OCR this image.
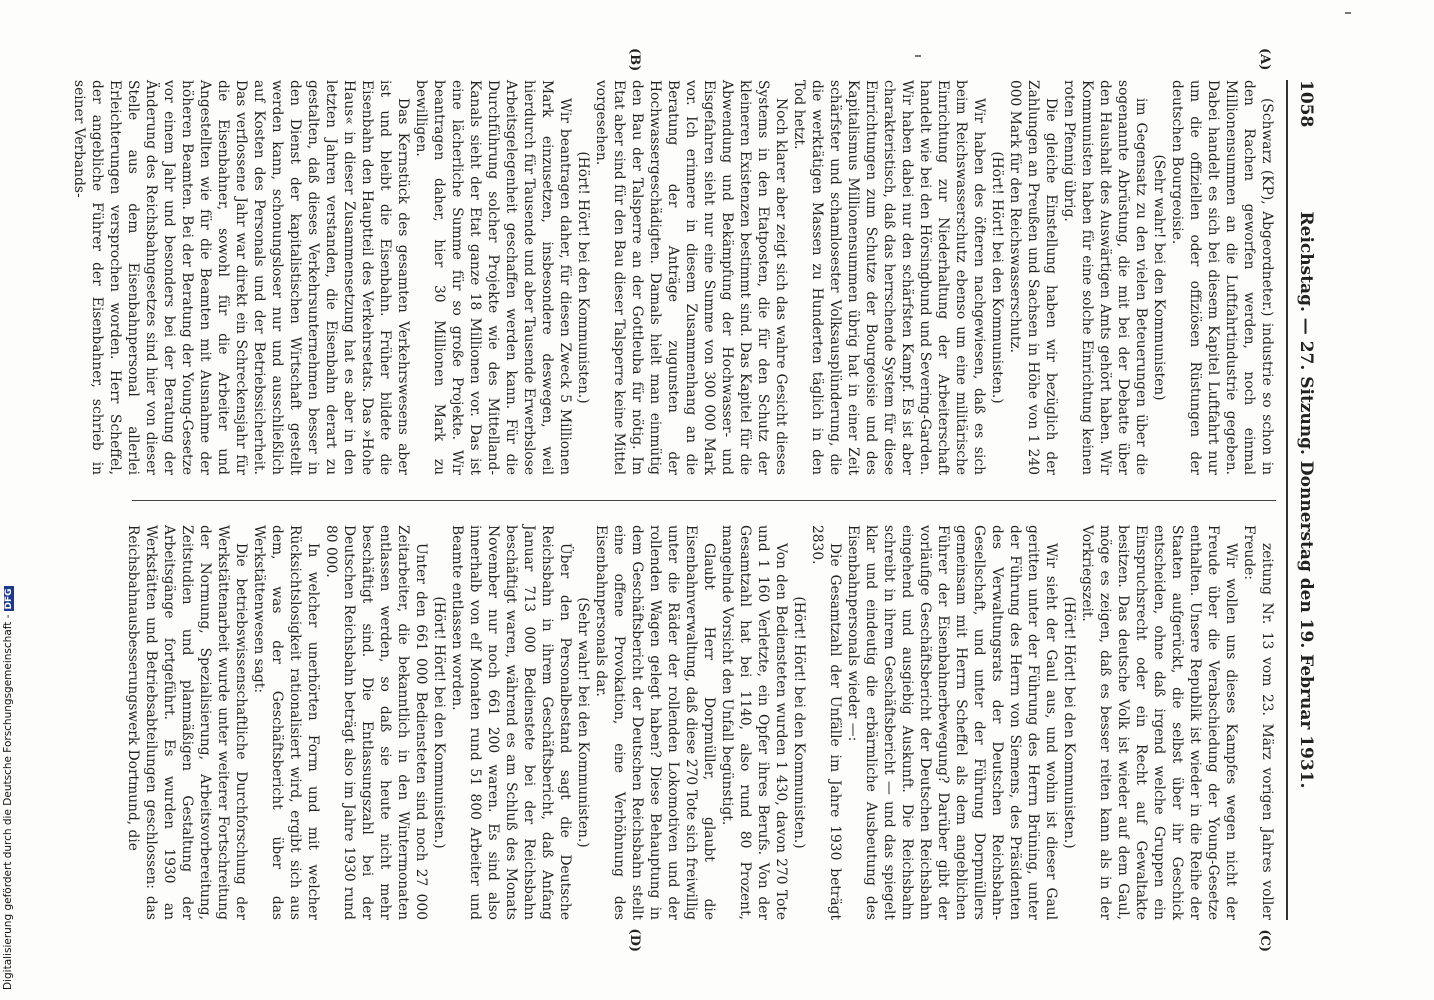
1058
Reichstag. — 27. Sitzung. Donnerstag den 19. Februar 1931.
(A)
(B)
(C)
(D)

(Schwarz (KP), Abgeordneter.) industrie so schon in den Rachen geworfen werden, noch einmal Millionensummen an die Luftfahrtindustrie gegeben. Dabei handelt es sich bei diesem Kapitel Luftfahrt nur um die offiziellen oder offiziösen Rüstungen der deutschen Bourgeoisie.

(Sehr wahr! bei den Kommunisten)

im Gegensatz zu den vielen Beteuerungen über die sogenannte Abrüstung, die mit bei der Debatte über den Haushalt des Auswärtigen Amts gehört haben. Wir Kommunisten haben für eine solche Einrichtung keinen roten Pfennig übrig.

Die gleiche Einstellung haben wir bezüglich der Zahlungen an Preußen und Sachsen in Höhe von 1 240 000 Mark für den Reichswasserschutz.

(Hört! Hört! bei den Kommunisten.)

Wir haben des öfteren nachgewiesen, daß es sich beim Reichswasserschutz ebenso um eine militärische Einrichtung zur Niederhaltung der Arbeiterschaft handelt wie bei den Hörsingbund und Severing-Garden. Wir haben dabei nur den schärfsten Kampf. Es ist aber charakteristisch, daß das herrschende System für diese Einrichtungen zum Schutze der Bourgeoisie und des Kapitalismus Millionensummen übrig hat in einer Zeit schärfster und schamlosester Volksausplünderung, die die werktätigen Massen zu Hunderten täglich in den Tod hetzt.

Noch klarer aber zeigt sich das wahre Gesicht dieses Systems in den Etatposten, die für den Schutz der kleineren Existenzen bestimmt sind. Das Kapitel für die Abwendung und Bekämpfung der Hochwasser- und Eisgefahren sieht nur eine Summe von 300 000 Mark vor. Ich erinnere in diesem Zusammenhang an die Beratung der Anträge zugunsten der Hochwassergeschädigten. Damals hielt man einmütig den Bau der Talsperre an der Gottleuba für nötig. Im Etat aber sind für den Bau dieser Talsperre keine Mittel vorgesehen.

(Hört! Hört! bei den Kommunisten.)

Wir beantragen daher, für diesen Zweck 5 Millionen Mark einzusetzen, insbesondere deswegen, weil hierdurch für Tausende und aber Tausende Erwerbslose Arbeitsgelegenheit geschaffen werden kann. Für die Durchführung solcher Projekte wie des Mittelland-Kanals sieht der Etat ganze 18 Millionen vor. Das ist eine lächerliche Summe für so große Projekte. Wir beantragen daher, hier 30 Millionen Mark zu bewilligen.

Das Kernstück des gesamten Verkehrswesens aber ist und bleibt die Eisenbahn. Früher bildete die Eisenbahn den Hauptteil des Verkehrsetats. Das »Hohe Haus« in dieser Zusammensetzung hat es aber in den letzten Jahren verstanden, die Eisenbahn derart zu gestalten, daß dieses Verkehrsunternehmen besser in den Dienst der kapitalistischen Wirtschaft gestellt werden kann, schonungsloser nur und ausschließlich auf Kosten des Personals und der Betriebssicherheit. Das verflossene Jahr war direkt ein Schreckensjahr für die Eisenbahner, sowohl für die Arbeiter und Angestellten wie für die Beamten mit Ausnahme der höheren Beamten. Bei der Beratung der Young-Gesetze vor einem Jahr und besonders bei der Beratung der Änderung des Reichsbahngesetzes sind hier von dieser Stelle aus dem Eisenbahnpersonal allerlei Erleichterungen versprochen worden. Herr Scheffel, der angebliche Führer der Eisenbahner, schrieb in seiner Verbands-

zeitung Nr. 13 vom 23. März vorigen Jahres voller Freude:

Wir wollen uns dieses Kampfes wegen nicht der Freude über die Verabschiedung der Young-Gesetze enthalten. Unsere Republik ist wieder in die Reihe der Staaten aufgerückt, die selbst über ihr Geschick entscheiden, ohne daß irgend welche Gruppen ein Einspruchsrecht oder ein Recht auf Gewaltakte besitzen. Das deutsche Volk ist wieder auf dem Gaul, möge es zeigen, daß es besser reiten kann als in der Vorkriegszeit.

(Hört! Hört! bei den Kommunisten.)

Wir sieht der Gaul aus, und wohin ist dieser Gaul geritten unter der Führung des Herrn Brüning, unter der Führung des Herrn von Siemens, des Präsidenten des Verwaltungsrats der Deutschen Reichsbahn-Gesellschaft, und unter der Führung Dorpmüllers gemeinsam mit Herrn Scheffel als dem angeblichen Führer der Eisenbahnerbewegung? Darüber gibt der vorläufige Geschäftsbericht der Deutschen Reichsbahn eingehend und ausgiebig Auskunft. Die Reichsbahn schreibt in ihrem Geschäftsbericht — und das spiegelt klar und eindeutig die erbärmliche Ausbeutung des Eisenbahnpersonals wieder —:

Die Gesamtzahl der Unfälle im Jahre 1930 beträgt 2830.

(Hört! Hört! bei den Kommunisten.)

Von den Bediensteten wurden 1 430, davon 270 Tote und 1 160 Verletzte, ein Opfer ihres Berufs. Von der Gesamtzahl hat bei 1140, also rund 80 Prozent, mangelnde Vorsicht den Unfall begünstigt.

Glaubt Herr Dorpmüller, glaubt die Eisenbahnverwaltung, daß diese 270 Tote sich freiwillig unter die Räder der rollenden Lokomotiven und der rollenden Wagen gelegt haben? Diese Behauptung in dem Geschäftsbericht der Deutschen Reichsbahn stellt eine offene Provokation, eine Verhöhnung des Eisenbahnpersonals dar.

(Sehr wahr! bei den Kommunisten.)

Über den Personalbestand sagt die Deutsche Reichsbahn in ihrem Geschäftsbericht, daß Anfang Januar 713 000 Bedienstete bei der Reichsbahn beschäftigt waren, während es am Schluß des Monats November nur noch 661 200 waren. Es sind also innerhalb von elf Monaten rund 51 800 Arbeiter und Beamte entlassen worden.

(Hört! Hört! bei den Kommunisten.)

Unter den 661 000 Bediensteten sind noch 27 000 Zeitarbeiter, die bekanntlich in den Wintermonaten entlassen werden, so daß sie heute nicht mehr beschäftigt sind. Die Entlassungszahl bei der Deutschen Reichsbahn beträgt also im Jahre 1930 rund 80 000.

In welcher unerhörten Form und mit welcher Rücksichtslosigkeit rationalisiert wird, ergibt sich aus dem, was der Geschäftsbericht über das Werkstättenwesen sagt:

Die betriebswissenschaftliche Durchforschung der Werkstättenarbeit wurde unter weiterer Fortschreitung der Normung, Spezialisierung, Arbeitsvorbereitung, Zeitstudien und planmäßigen Gestaltung der Arbeitsgänge fortgeführt. Es wurden 1930 an Werkstätten und Betriebsabteilungen geschlossen: das Reichsbahnausbesserungswerk Dortmund, die

Digitalisierung gefördert durch die Deutsche Forschungsgemeinschaft -DFG
